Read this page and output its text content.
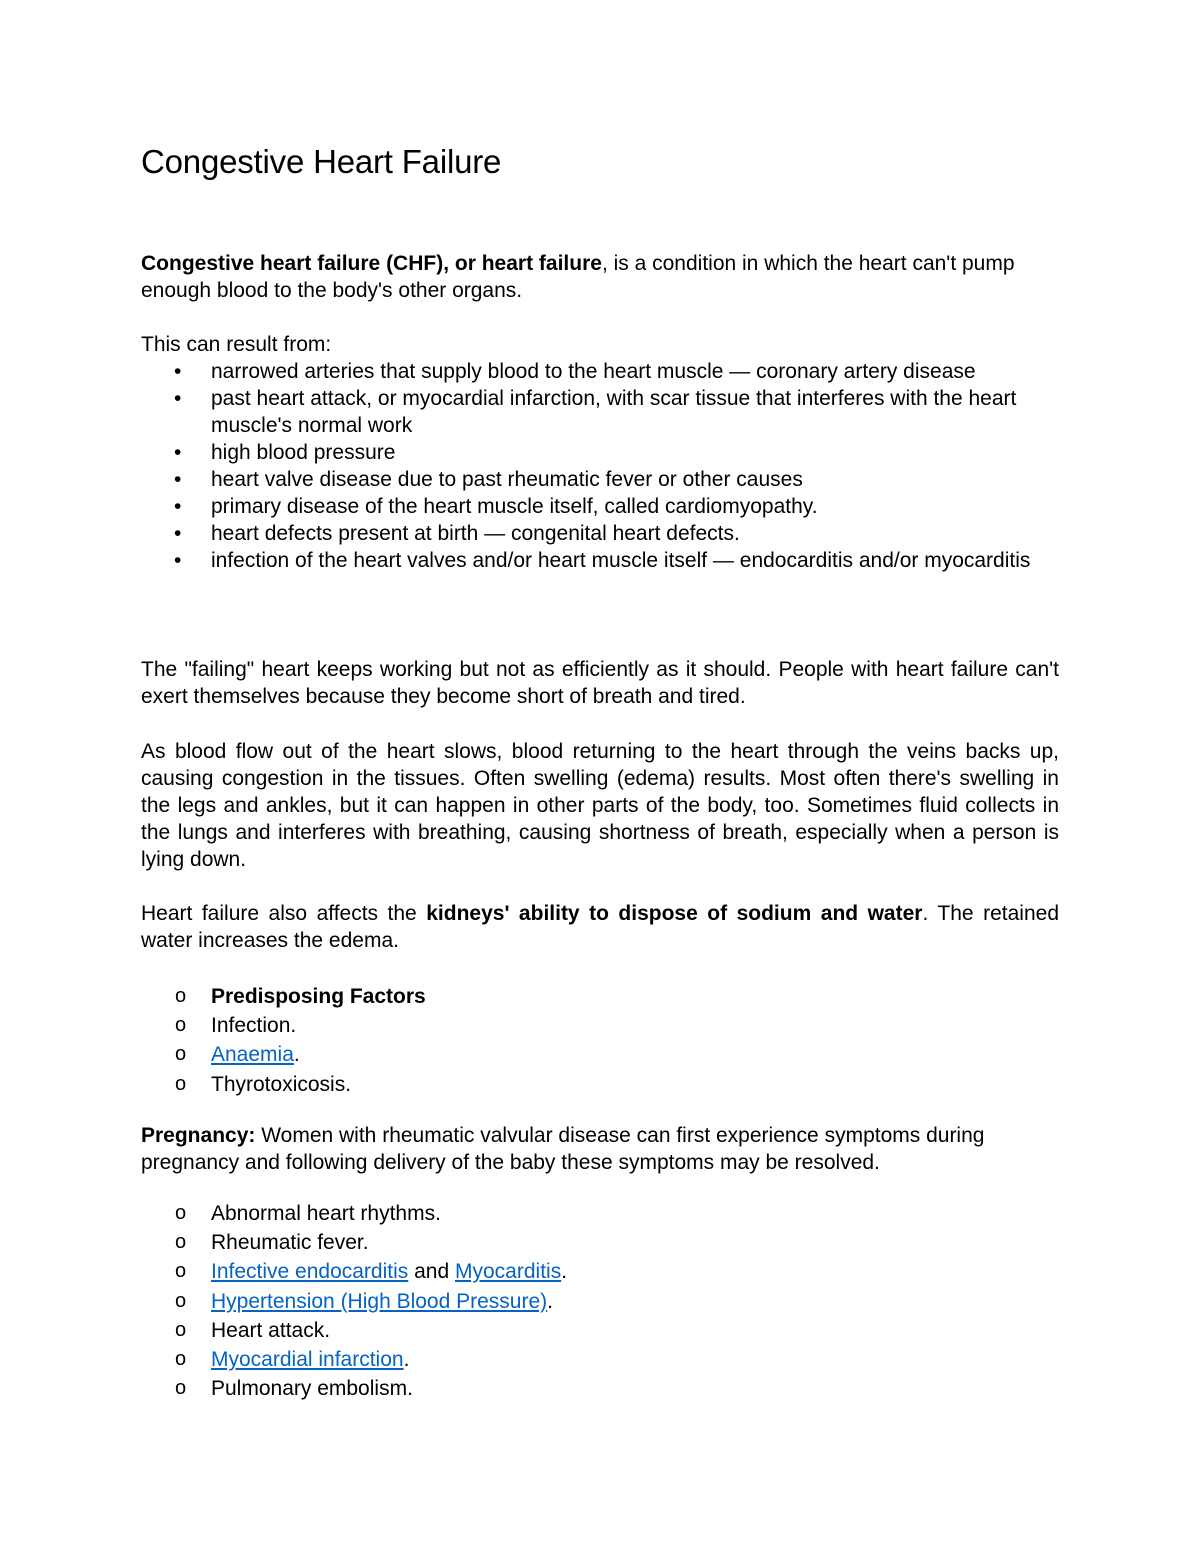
Congestive Heart Failure

Congestive heart failure (CHF), or heart failure, is a condition in which the heart can't pump enough blood to the body's other organs.

This can result from:

• narrowed arteries that supply blood to the heart muscle — coronary artery disease
• past heart attack, or myocardial infarction, with scar tissue that interferes with the heart muscle's normal work
• high blood pressure
• heart valve disease due to past rheumatic fever or other causes
• primary disease of the heart muscle itself, called cardiomyopathy.
• heart defects present at birth — congenital heart defects.
• infection of the heart valves and/or heart muscle itself — endocarditis and/or myocarditis

The "failing" heart keeps working but not as efficiently as it should. People with heart failure can't exert themselves because they become short of breath and tired.

As blood flow out of the heart slows, blood returning to the heart through the veins backs up, causing congestion in the tissues. Often swelling (edema) results. Most often there's swelling in the legs and ankles, but it can happen in other parts of the body, too. Sometimes fluid collects in the lungs and interferes with breathing, causing shortness of breath, especially when a person is lying down.

Heart failure also affects the kidneys' ability to dispose of sodium and water. The retained water increases the edema.

o Predisposing Factors
o Infection.
o Anaemia.
o Thyrotoxicosis.

Pregnancy: Women with rheumatic valvular disease can first experience symptoms during pregnancy and following delivery of the baby these symptoms may be resolved.

o Abnormal heart rhythms.
o Rheumatic fever.
o Infective endocarditis and Myocarditis.
o Hypertension (High Blood Pressure).
o Heart attack.
o Myocardial infarction.
o Pulmonary embolism.
